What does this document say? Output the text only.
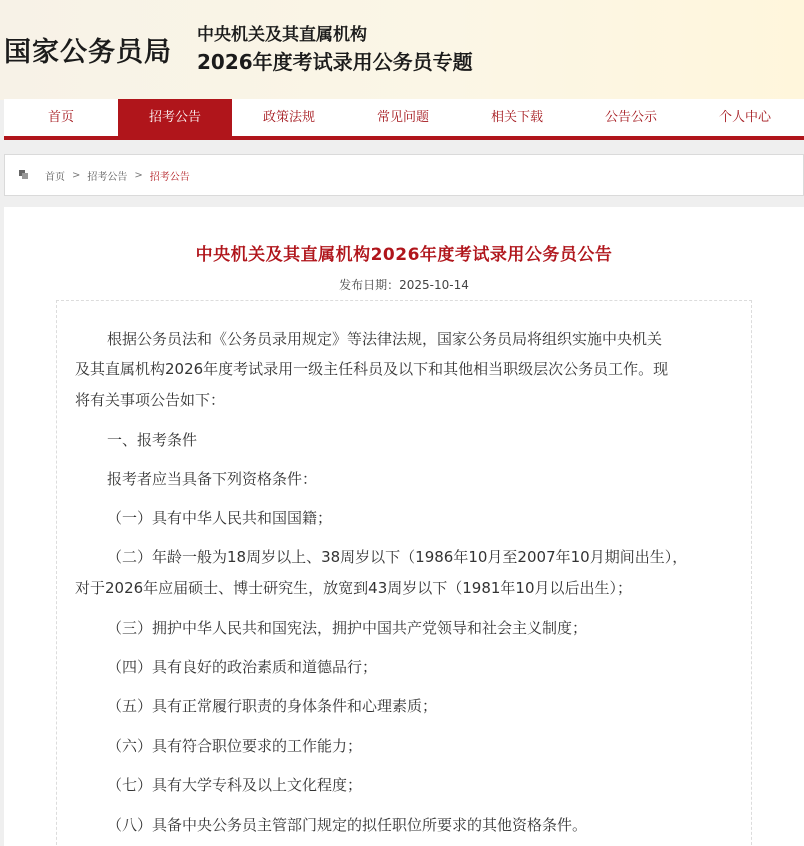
国家公务员局
中央机关及其直属机构
2026年度考试录用公务员专题
首页	招考公告	政策法规	常见问题	相关下载	公告公示	个人中心
首页 > 招考公告 > 招考公告
中央机关及其直属机构2026年度考试录用公务员公告
发布日期：2025-10-14
根据公务员法和《公务员录用规定》等法律法规，国家公务员局将组织实施中央机关
及其直属机构2026年度考试录用一级主任科员及以下和其他相当职级层次公务员工作。现
将有关事项公告如下：
一、报考条件
报考者应当具备下列资格条件：
（一）具有中华人民共和国国籍；
（二）年龄一般为18周岁以上、38周岁以下（1986年10月至2007年10月期间出生），
对于2026年应届硕士、博士研究生，放宽到43周岁以下（1981年10月以后出生）；
（三）拥护中华人民共和国宪法，拥护中国共产党领导和社会主义制度；
（四）具有良好的政治素质和道德品行；
（五）具有正常履行职责的身体条件和心理素质；
（六）具有符合职位要求的工作能力；
（七）具有大学专科及以上文化程度；
（八）具备中央公务员主管部门规定的拟任职位所要求的其他资格条件。
